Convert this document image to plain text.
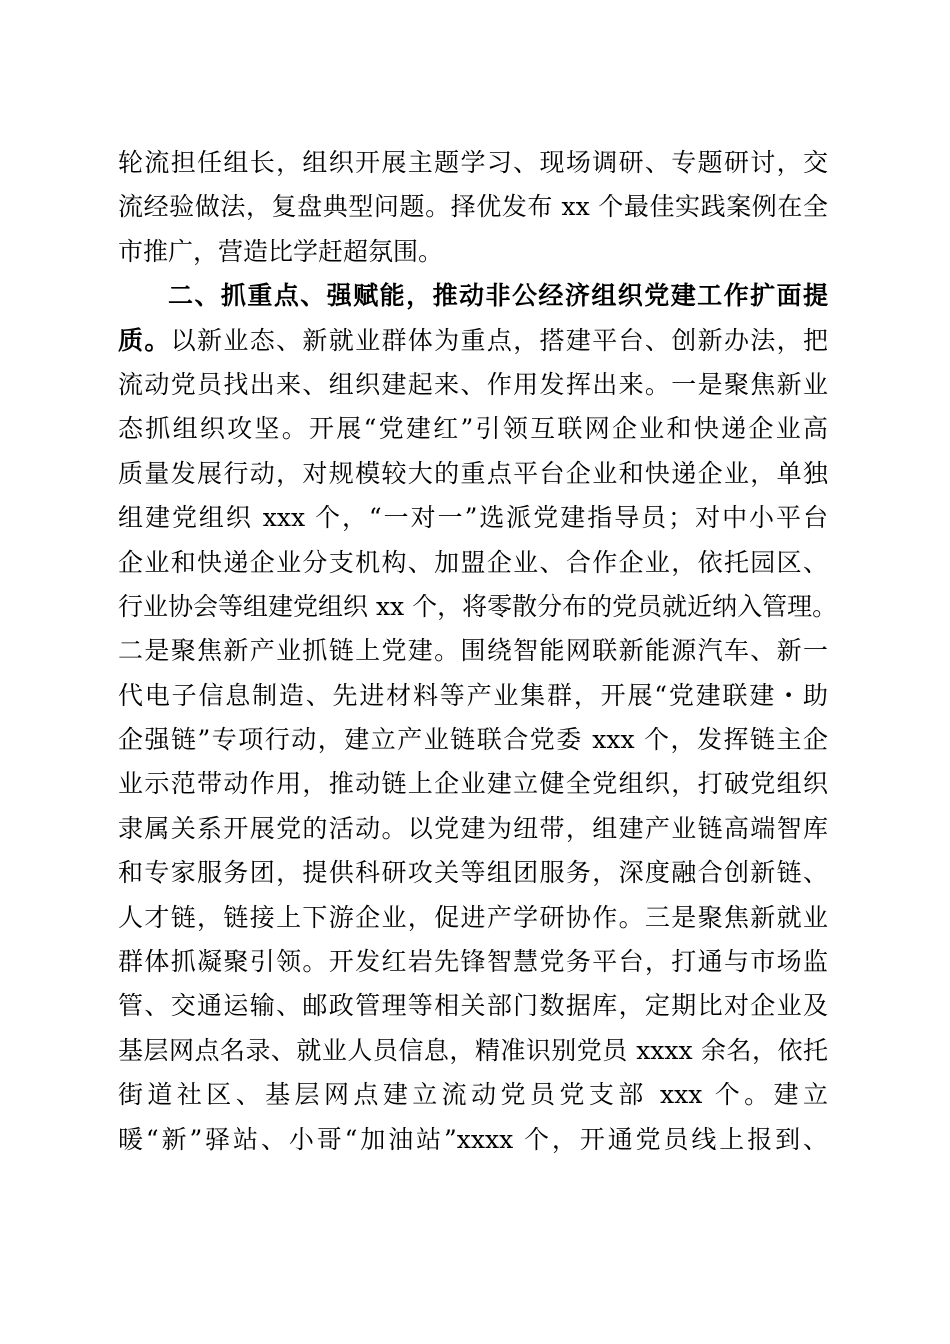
轮流担任组长，组织开展主题学习、现场调研、专题研讨，交
流经验做法，复盘典型问题。择优发布 xx 个最佳实践案例在全
市推广，营造比学赶超氛围。
二、抓重点、强赋能，推动非公经济组织党建工作扩面提
质。以新业态、新就业群体为重点，搭建平台、创新办法，把
流动党员找出来、组织建起来、作用发挥出来。一是聚焦新业
态抓组织攻坚。开展“党建红”引领互联网企业和快递企业高
质量发展行动，对规模较大的重点平台企业和快递企业，单独
组建党组织 xxx 个，“一对一”选派党建指导员；对中小平台
企业和快递企业分支机构、加盟企业、合作企业，依托园区、
行业协会等组建党组织 xx 个，将零散分布的党员就近纳入管理。
二是聚焦新产业抓链上党建。围绕智能网联新能源汽车、新一
代电子信息制造、先进材料等产业集群，开展“党建联建・助
企强链”专项行动，建立产业链联合党委 xxx 个，发挥链主企
业示范带动作用，推动链上企业建立健全党组织，打破党组织
隶属关系开展党的活动。以党建为纽带，组建产业链高端智库
和专家服务团，提供科研攻关等组团服务，深度融合创新链、
人才链，链接上下游企业，促进产学研协作。三是聚焦新就业
群体抓凝聚引领。开发红岩先锋智慧党务平台，打通与市场监
管、交通运输、邮政管理等相关部门数据库，定期比对企业及
基层网点名录、就业人员信息，精准识别党员 xxxx 余名，依托
街道社区、基层网点建立流动党员党支部 xxx 个。建立
暖“新”驿站、小哥“加油站”xxxx 个，开通党员线上报到、
